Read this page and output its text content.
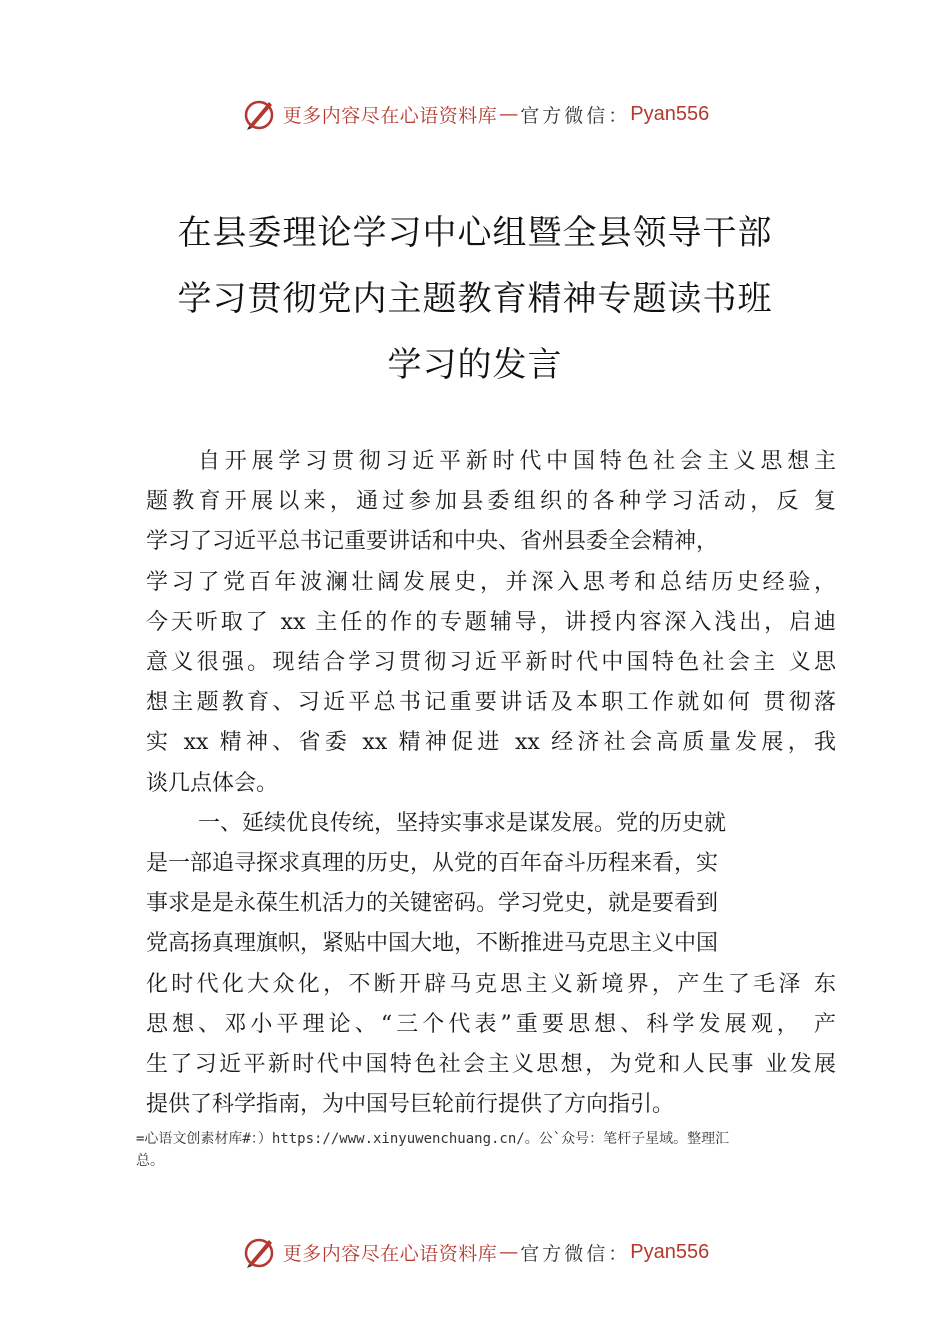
更多内容尽在心语资料库 — 官方微信： Pyan556
在县委理论学习中心组暨全县领导干部
学习贯彻党内主题教育精神专题读书班
学习的发言
自开展学习贯彻习近平新时代中国特色社会主义思想主
题教育开展以来，通过参加县委组织的各种学习活动，反 复
学习了习近平总书记重要讲话和中央、省州县委全会精神，
学习了党百年波澜壮阔发展史，并深入思考和总结历史经验，
今天听取了 xx 主任的作的专题辅导，讲授内容深入浅出，启迪
意义很强。现结合学习贯彻习近平新时代中国特色社会主 义思
想主题教育、习近平总书记重要讲话及本职工作就如何 贯彻落
实 xx 精神、省委 xx 精神促进 xx 经济社会高质量发展，我
谈几点体会。
一、延续优良传统，坚持实事求是谋发展。党的历史就
是一部追寻探求真理的历史，从党的百年奋斗历程来看，实
事求是是永葆生机活力的关键密码。学习党史，就是要看到
党高扬真理旗帜，紧贴中国大地，不断推进马克思主义中国
化时代化大众化，不断开辟马克思主义新境界，产生了毛泽 东
思想、邓小平理论、“三个代表”重要思想、科学发展观， 产
生了习近平新时代中国特色社会主义思想，为党和人民事 业发展
提供了科学指南，为中国号巨轮前行提供了方向指引。
=心语文创素材库#：）https://www.xinyuwenchuang.cn/。公`众号：笔杆子星域。整理汇
总。
更多内容尽在心语资料库 — 官方微信： Pyan556
